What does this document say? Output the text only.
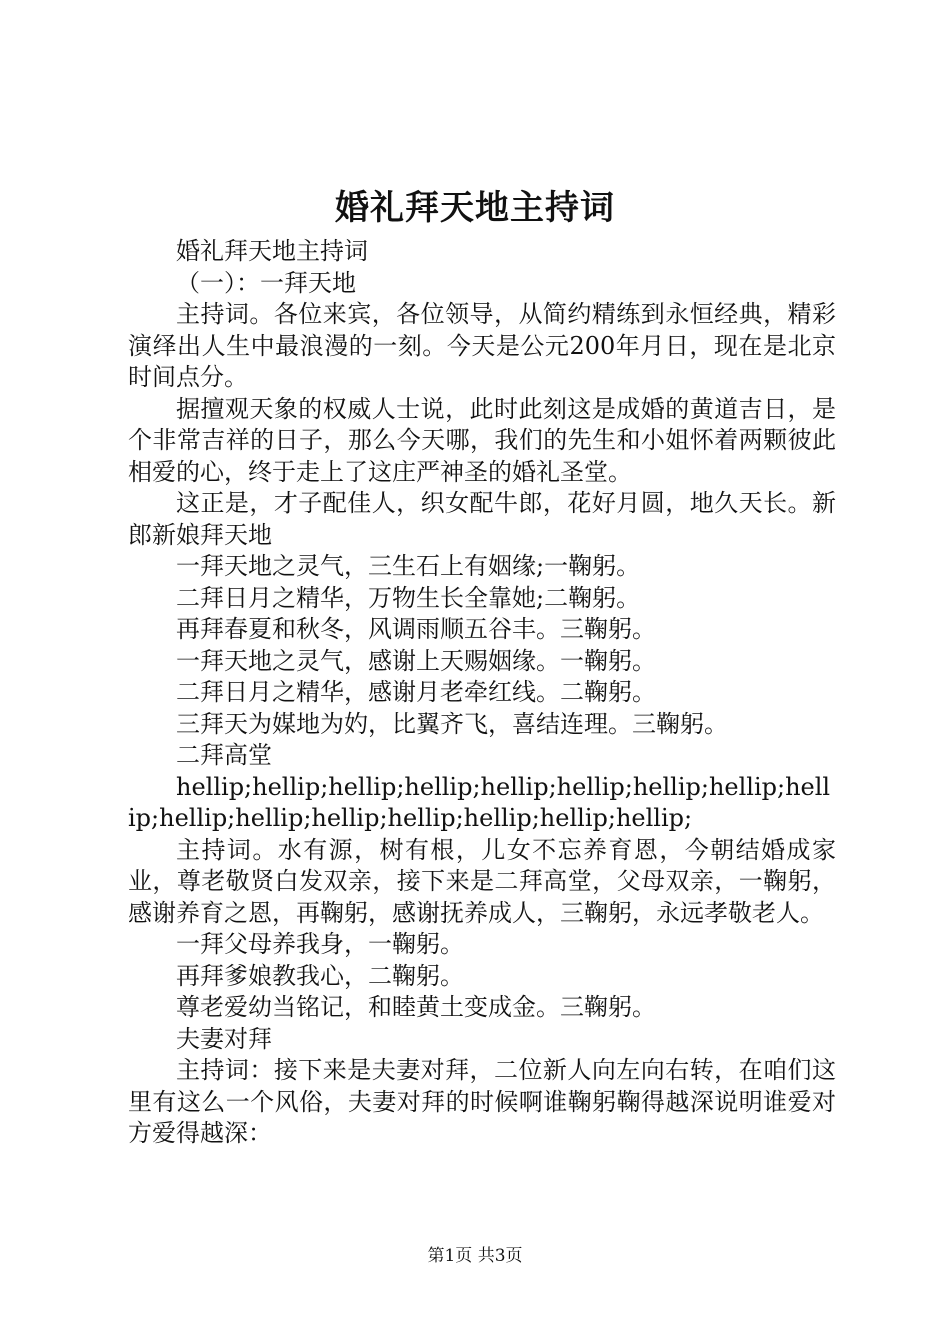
婚礼拜天地主持词

婚礼拜天地主持词

（一）：一拜天地

主持词。各位来宾，各位领导，从简约精练到永恒经典，精彩演绎出人生中最浪漫的一刻。今天是公元200年月日，现在是北京时间点分。

据擅观天象的权威人士说，此时此刻这是成婚的黄道吉日，是个非常吉祥的日子，那么今天哪，我们的先生和小姐怀着两颗彼此相爱的心，终于走上了这庄严神圣的婚礼圣堂。

这正是，才子配佳人，织女配牛郎，花好月圆，地久天长。新郎新娘拜天地

一拜天地之灵气，三生石上有姻缘;一鞠躬。

二拜日月之精华，万物生长全靠她;二鞠躬。

再拜春夏和秋冬，风调雨顺五谷丰。三鞠躬。

一拜天地之灵气，感谢上天赐姻缘。一鞠躬。

二拜日月之精华，感谢月老牵红线。二鞠躬。

三拜天为媒地为妁，比翼齐飞，喜结连理。三鞠躬。

二拜高堂

hellip;hellip;hellip;hellip;hellip;hellip;hellip;hellip;hellip;hellip;hellip;hellip;hellip;hellip;hellip;hellip;

主持词。水有源，树有根，儿女不忘养育恩，今朝结婚成家业，尊老敬贤白发双亲，接下来是二拜高堂，父母双亲，一鞠躬，感谢养育之恩，再鞠躬，感谢抚养成人，三鞠躬，永远孝敬老人。

一拜父母养我身，一鞠躬。

再拜爹娘教我心，二鞠躬。

尊老爱幼当铭记，和睦黄土变成金。三鞠躬。

夫妻对拜

主持词：接下来是夫妻对拜，二位新人向左向右转，在咱们这里有这么一个风俗，夫妻对拜的时候啊谁鞠躬鞠得越深说明谁爱对方爱得越深：

第1页 共3页
